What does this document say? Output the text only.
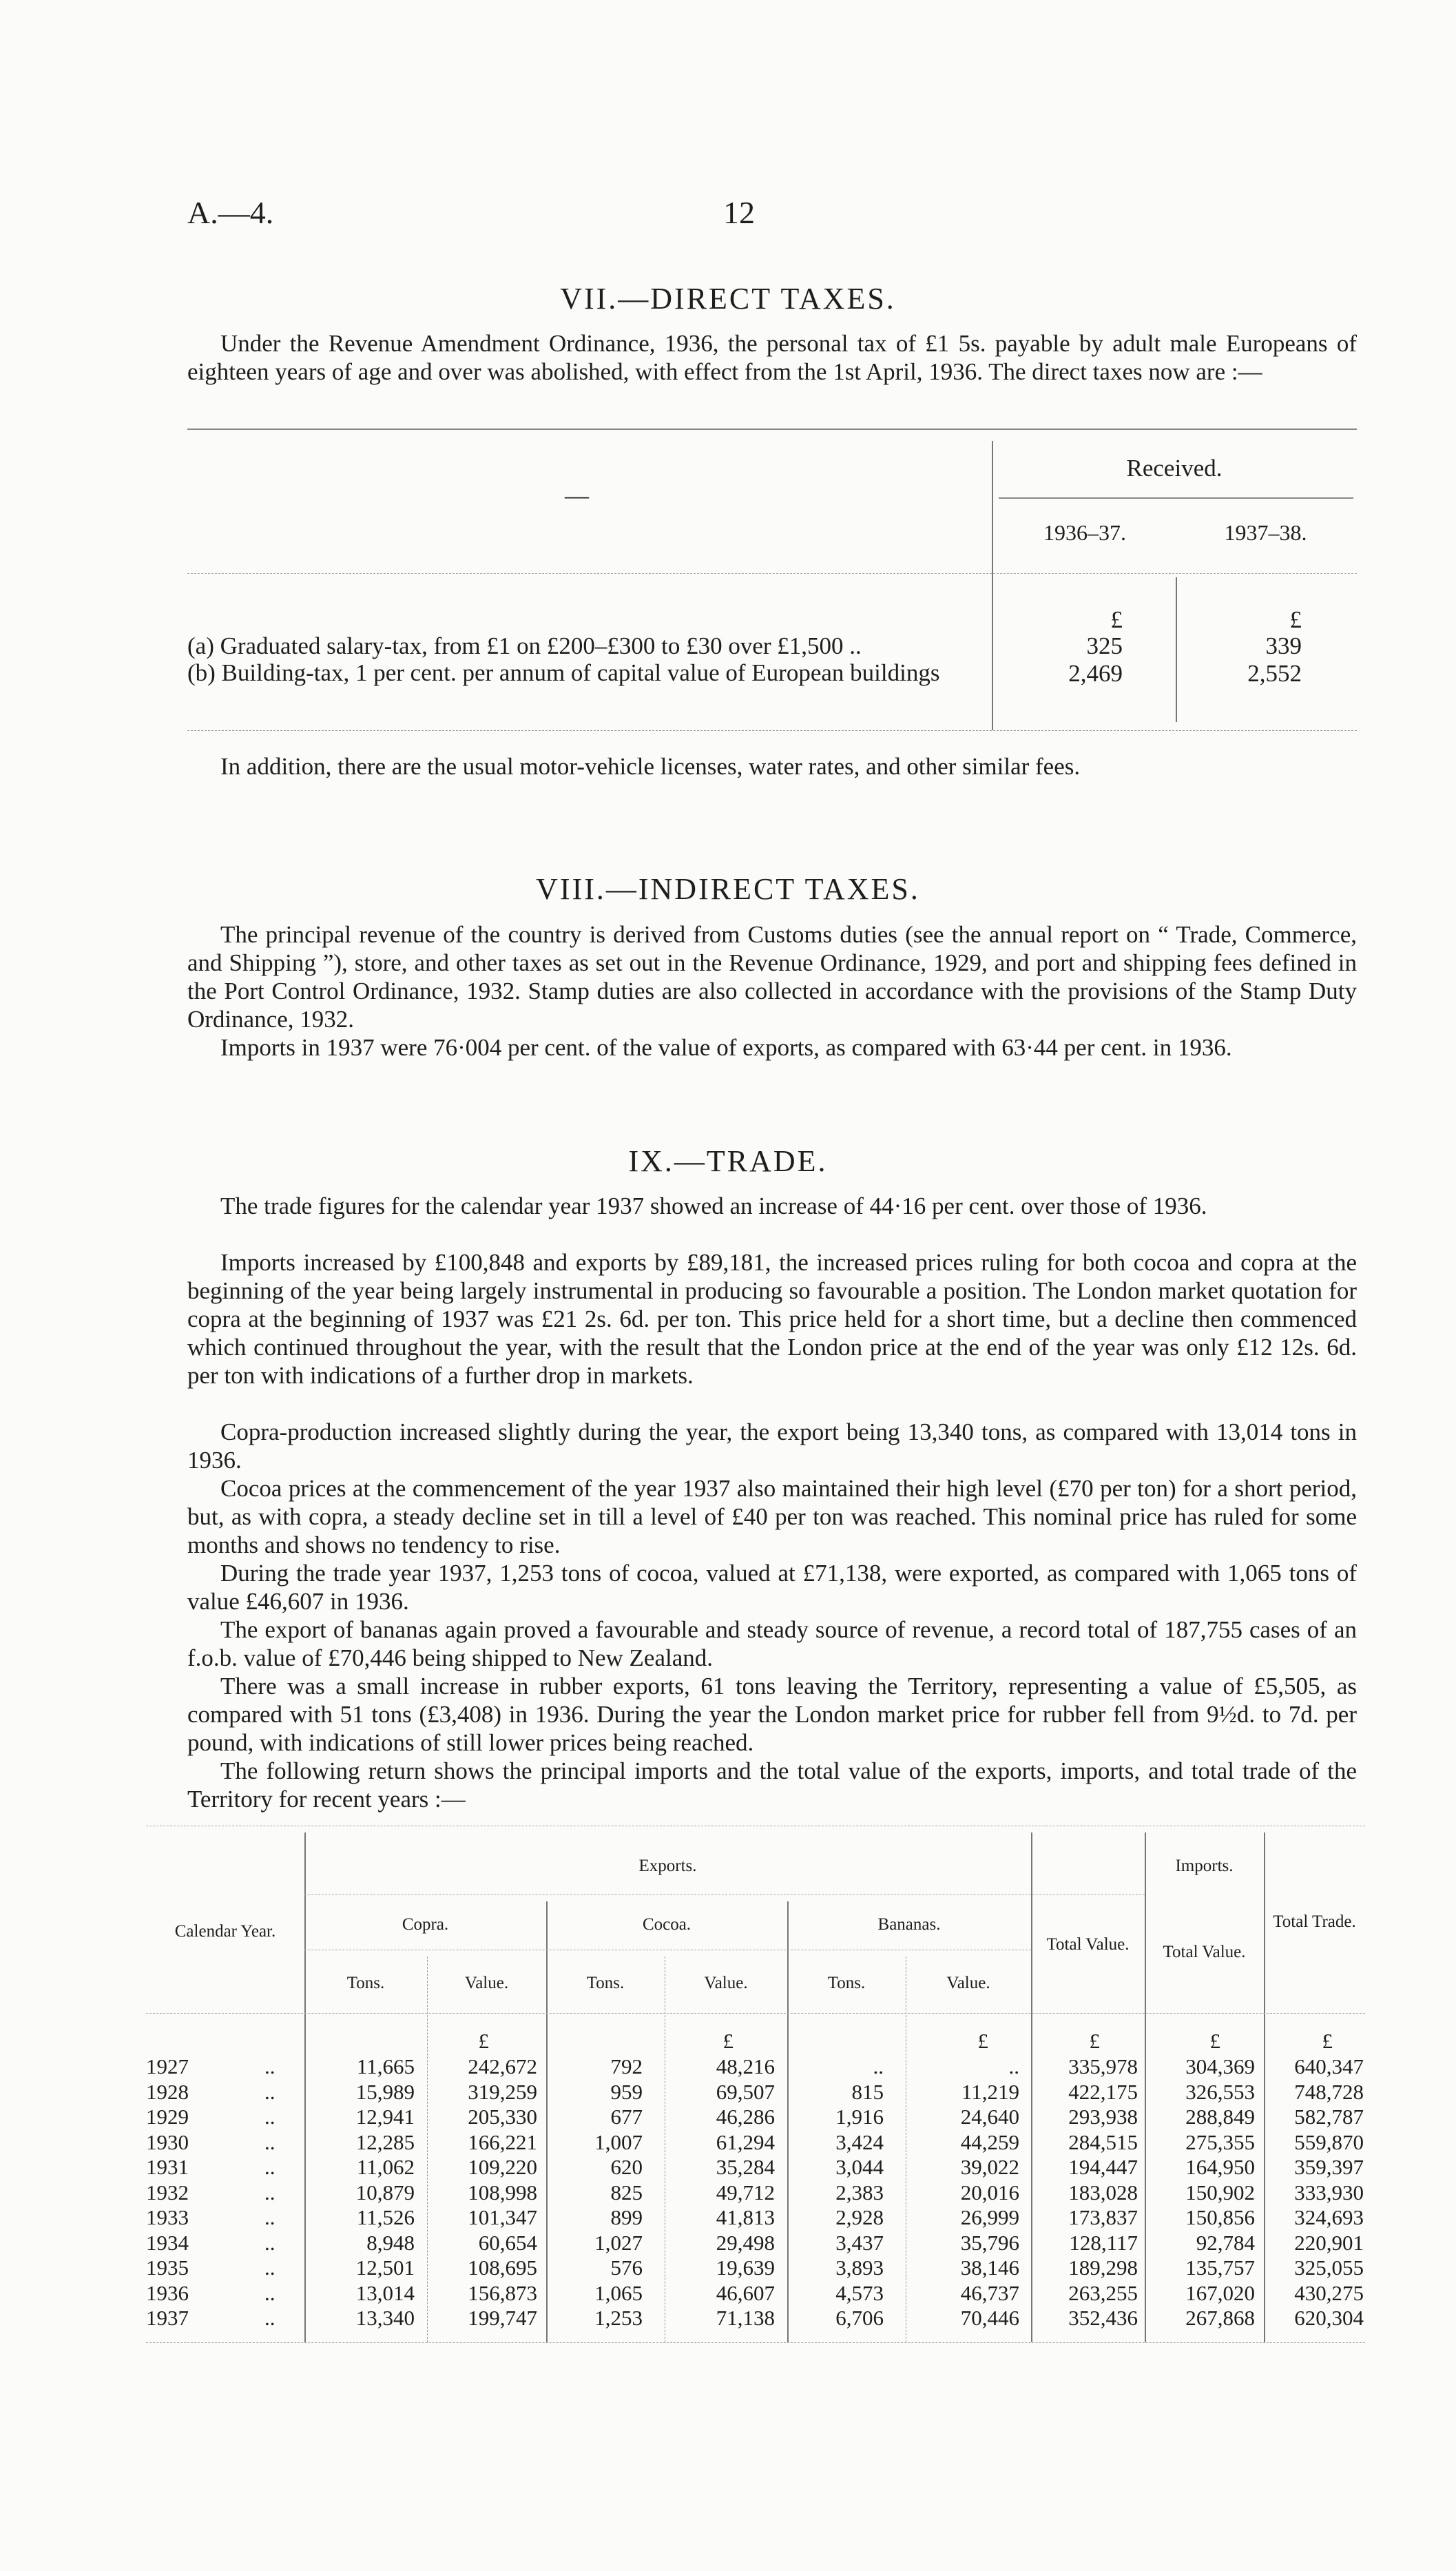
A.—4.	12
VII.—DIRECT TAXES.

Under the Revenue Amendment Ordinance, 1936, the personal tax of £1 5s. payable by adult male Europeans of eighteen years of age and over was abolished, with effect from the 1st April, 1936. The direct taxes now are :—

—
Received.
1936–37.	1937–38.
£	£
(a) Graduated salary-tax, from £1 on £200–£300 to £30 over £1,500 ..	325	339
(b) Building-tax, 1 per cent. per annum of capital value of European buildings	2,469	2,552

In addition, there are the usual motor-vehicle licenses, water rates, and other similar fees.

VIII.—INDIRECT TAXES.

The principal revenue of the country is derived from Customs duties (see the annual report on “ Trade, Commerce, and Shipping ”), store, and other taxes as set out in the Revenue Ordinance, 1929, and port and shipping fees defined in the Port Control Ordinance, 1932. Stamp duties are also collected in accordance with the provisions of the Stamp Duty Ordinance, 1932.

Imports in 1937 were 76·004 per cent. of the value of exports, as compared with 63·44 per cent. in 1936.

IX.—TRADE.

The trade figures for the calendar year 1937 showed an increase of 44·16 per cent. over those of 1936.

Imports increased by £100,848 and exports by £89,181, the increased prices ruling for both cocoa and copra at the beginning of the year being largely instrumental in producing so favourable a position. The London market quotation for copra at the beginning of 1937 was £21 2s. 6d. per ton. This price held for a short time, but a decline then commenced which continued throughout the year, with the result that the London price at the end of the year was only £12 12s. 6d. per ton with indications of a further drop in markets.

Copra-production increased slightly during the year, the export being 13,340 tons, as compared with 13,014 tons in 1936.

Cocoa prices at the commencement of the year 1937 also maintained their high level (£70 per ton) for a short period, but, as with copra, a steady decline set in till a level of £40 per ton was reached. This nominal price has ruled for some months and shows no tendency to rise.

During the trade year 1937, 1,253 tons of cocoa, valued at £71,138, were exported, as compared with 1,065 tons of value £46,607 in 1936.

The export of bananas again proved a favourable and steady source of revenue, a record total of 187,755 cases of an f.o.b. value of £70,446 being shipped to New Zealand.

There was a small increase in rubber exports, 61 tons leaving the Territory, representing a value of £5,505, as compared with 51 tons (£3,408) in 1936. During the year the London market price for rubber fell from 9½d. to 7d. per pound, with indications of still lower prices being reached.

The following return shows the principal imports and the total value of the exports, imports, and total trade of the Territory for recent years :—

Calendar Year.
Exports.	Imports.
Total Trade.
Copra.	Cocoa.	Bananas.
Total Value.	Total Value.
Tons.	Value.	Tons.	Value.	Tons.	Value.
£	£	£	£	£	£
1927	..	11,665	242,672	792	48,216	..	..	335,978	304,369	640,347
1928	..	15,989	319,259	959	69,507	815	11,219	422,175	326,553	748,728
1929	..	12,941	205,330	677	46,286	1,916	24,640	293,938	288,849	582,787
1930	..	12,285	166,221	1,007	61,294	3,424	44,259	284,515	275,355	559,870
1931	..	11,062	109,220	620	35,284	3,044	39,022	194,447	164,950	359,397
1932	..	10,879	108,998	825	49,712	2,383	20,016	183,028	150,902	333,930
1933	..	11,526	101,347	899	41,813	2,928	26,999	173,837	150,856	324,693
1934	..	8,948	60,654	1,027	29,498	3,437	35,796	128,117	92,784	220,901
1935	..	12,501	108,695	576	19,639	3,893	38,146	189,298	135,757	325,055
1936	..	13,014	156,873	1,065	46,607	4,573	46,737	263,255	167,020	430,275
1937	..	13,340	199,747	1,253	71,138	6,706	70,446	352,436	267,868	620,304
